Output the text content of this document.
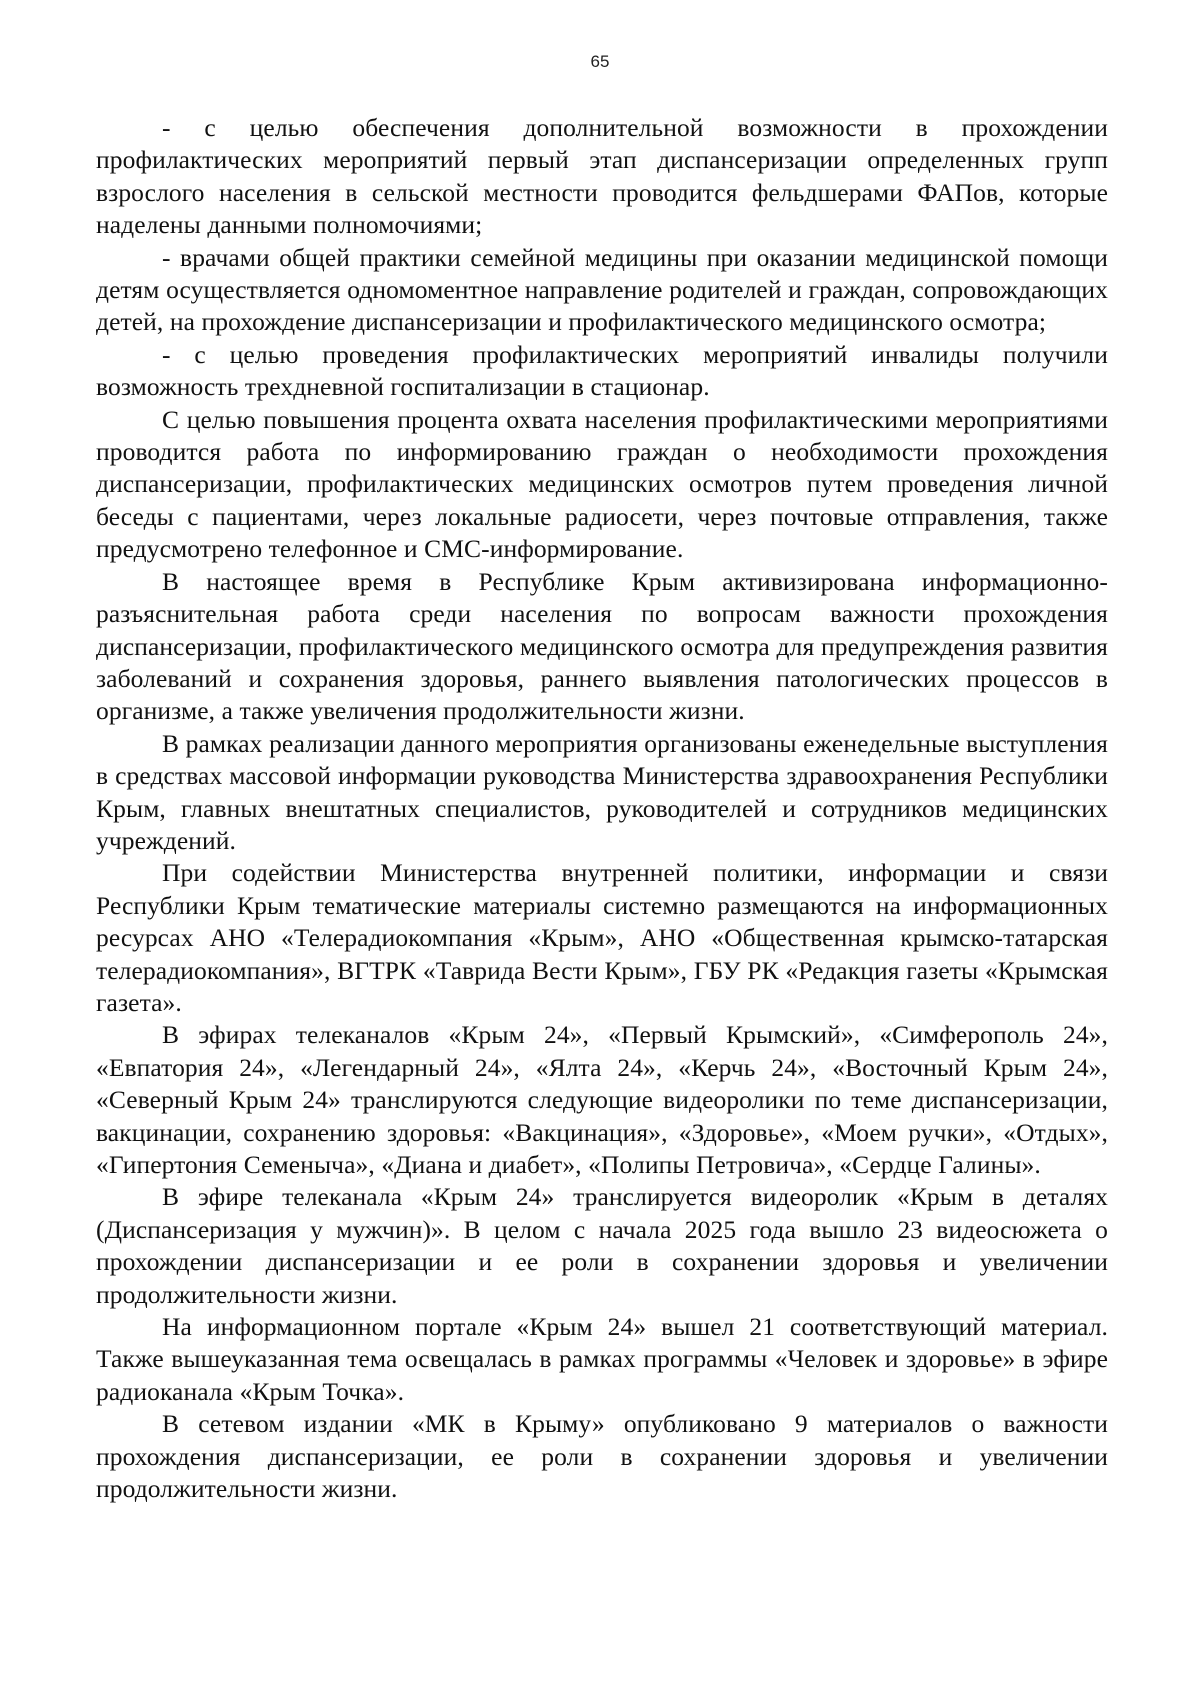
65

- с целью обеспечения дополнительной возможности в прохождении профилактических мероприятий первый этап диспансеризации определенных групп взрослого населения в сельской местности проводится фельдшерами ФАПов, которые наделены данными полномочиями;

- врачами общей практики семейной медицины при оказании медицинской помощи детям осуществляется одномоментное направление родителей и граждан, сопровождающих детей, на прохождение диспансеризации и профилактического медицинского осмотра;

- с целью проведения профилактических мероприятий инвалиды получили возможность трехдневной госпитализации в стационар.

С целью повышения процента охвата населения профилактическими мероприятиями проводится работа по информированию граждан о необходимости прохождения диспансеризации, профилактических медицинских осмотров путем проведения личной беседы с пациентами, через локальные радиосети, через почтовые отправления, также предусмотрено телефонное и СМС-информирование.

В настоящее время в Республике Крым активизирована информационно-разъяснительная работа среди населения по вопросам важности прохождения диспансеризации, профилактического медицинского осмотра для предупреждения развития заболеваний и сохранения здоровья, раннего выявления патологических процессов в организме, а также увеличения продолжительности жизни.

В рамках реализации данного мероприятия организованы еженедельные выступления в средствах массовой информации руководства Министерства здравоохранения Республики Крым, главных внештатных специалистов, руководителей и сотрудников медицинских учреждений.

При содействии Министерства внутренней политики, информации и связи Республики Крым тематические материалы системно размещаются на информационных ресурсах АНО «Телерадиокомпания «Крым», АНО «Общественная крымско-татарская телерадиокомпания», ВГТРК «Таврида Вести Крым», ГБУ РК «Редакция газеты «Крымская газета».

В эфирах телеканалов «Крым 24», «Первый Крымский», «Симферополь 24», «Евпатория 24», «Легендарный 24», «Ялта 24», «Керчь 24», «Восточный Крым 24», «Северный Крым 24» транслируются следующие видеоролики по теме диспансеризации, вакцинации, сохранению здоровья: «Вакцинация», «Здоровье», «Моем ручки», «Отдых», «Гипертония Семеныча», «Диана и диабет», «Полипы Петровича», «Сердце Галины».

В эфире телеканала «Крым 24» транслируется видеоролик «Крым в деталях (Диспансеризация у мужчин)». В целом с начала 2025 года вышло 23 видеосюжета о прохождении диспансеризации и ее роли в сохранении здоровья и увеличении продолжительности жизни.

На информационном портале «Крым 24» вышел 21 соответствующий материал. Также вышеуказанная тема освещалась в рамках программы «Человек и здоровье» в эфире радиоканала «Крым Точка».

В сетевом издании «МК в Крыму» опубликовано 9 материалов о важности прохождения диспансеризации, ее роли в сохранении здоровья и увеличении продолжительности жизни.
